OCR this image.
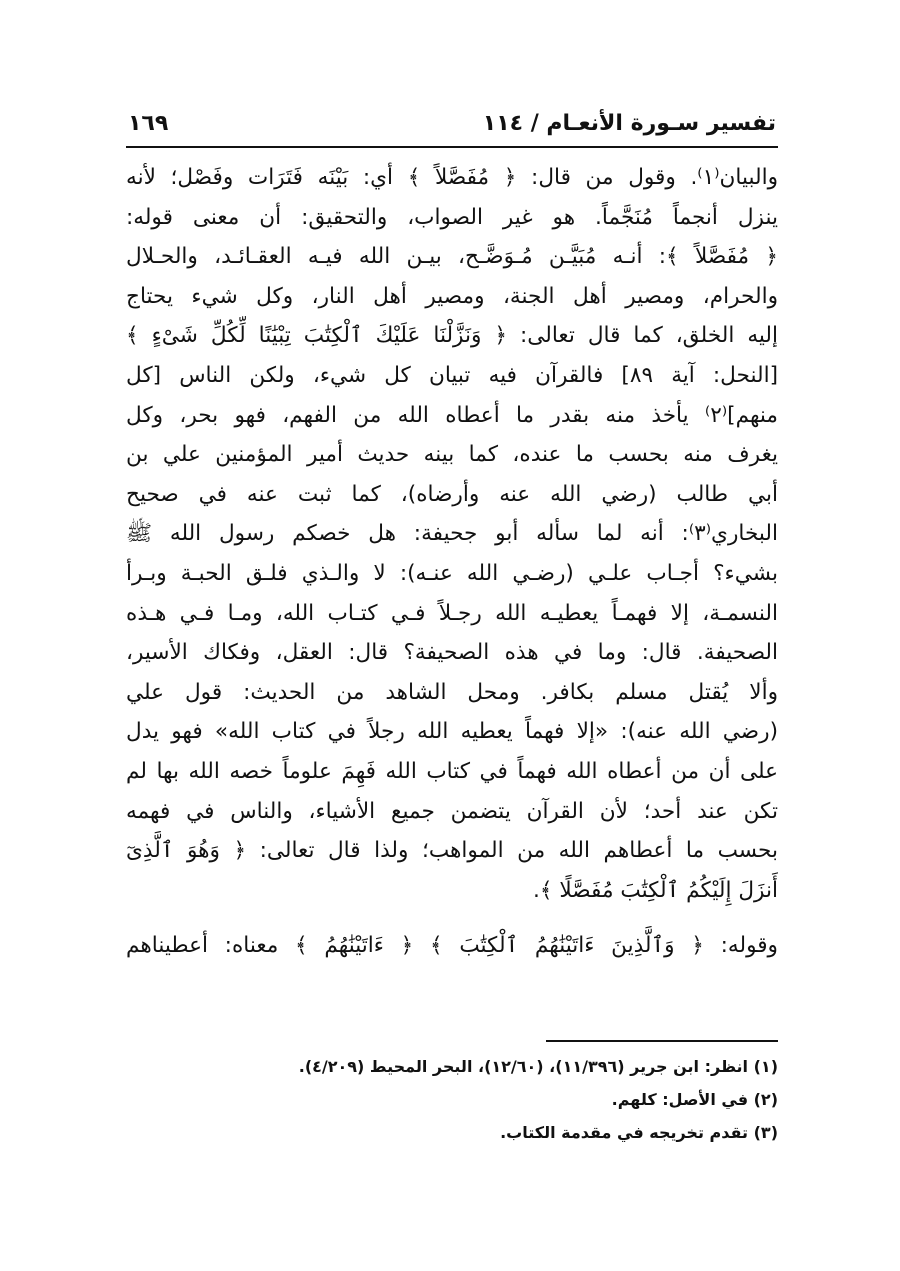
تفسير سـورة الأنعـام / ١١٤
١٦٩
والبيان⁽١⁾. وقول من قال: ﴿ مُفَصَّلاً ﴾ أي: بَيْنَه فَتَرَات وفَصْل؛ لأنه
ينزل أنجماً مُنَجَّماً. هو غير الصواب، والتحقيق: أن معنى قوله:
﴿ مُفَصَّلاً ﴾: أنـه مُبَيَّـن مُـوَضَّـح، بيـن الله فيـه العقـائـد، والحـلال
والحرام، ومصير أهل الجنة، ومصير أهل النار، وكل شيء يحتاج
إليه الخلق، كما قال تعالى: ﴿ وَنَزَّلْنَا عَلَيْكَ ٱلْكِتَٰبَ تِبْيَٰنًا لِّكُلِّ شَىْءٍ ﴾
[النحل: آية ٨٩] فالقرآن فيه تبيان كل شيء، ولكن الناس [كل
منهم]⁽٢⁾ يأخذ منه بقدر ما أعطاه الله من الفهم، فهو بحر، وكل
يغرف منه بحسب ما عنده، كما بينه حديث أمير المؤمنين علي بن
أبي طالب (رضي الله عنه وأرضاه)، كما ثبت عنه في صحيح
البخاري⁽٣⁾: أنه لما سأله أبو جحيفة: هل خصكم رسول الله ﷺ
بشيء؟ أجـاب علـي (رضـي الله عنـه): لا والـذي فلـق الحبـة وبـرأ
النسمـة، إلا فهمـاً يعطيـه الله رجـلاً فـي كتـاب الله، ومـا فـي هـذه
الصحيفة. قال: وما في هذه الصحيفة؟ قال: العقل، وفكاك الأسير،
وألا يُقتل مسلم بكافر. ومحل الشاهد من الحديث: قول علي
(رضي الله عنه): «إلا فهماً يعطيه الله رجلاً في كتاب الله» فهو يدل
على أن من أعطاه الله فهماً في كتاب الله فَهِمَ علوماً خصه الله بها لم
تكن عند أحد؛ لأن القرآن يتضمن جميع الأشياء، والناس في فهمه
بحسب ما أعطاهم الله من المواهب؛ ولذا قال تعالى: ﴿ وَهُوَ ٱلَّذِىٓ
أَنزَلَ إِلَيْكُمُ ٱلْكِتَٰبَ مُفَصَّلًا ﴾.
وقوله: ﴿ وَٱلَّذِينَ ءَاتَيْنَٰهُمُ ٱلْكِتَٰبَ ﴾ ﴿ ءَاتَيْنَٰهُمُ ﴾ معناه: أعطيناهم
(١) انظر: ابن جرير (١١/٣٩٦)، (١٢/٦٠)، البحر المحيط (٤/٢٠٩).
(٢) في الأصل: كلهم.
(٣) تقدم تخريجه في مقدمة الكتاب.
